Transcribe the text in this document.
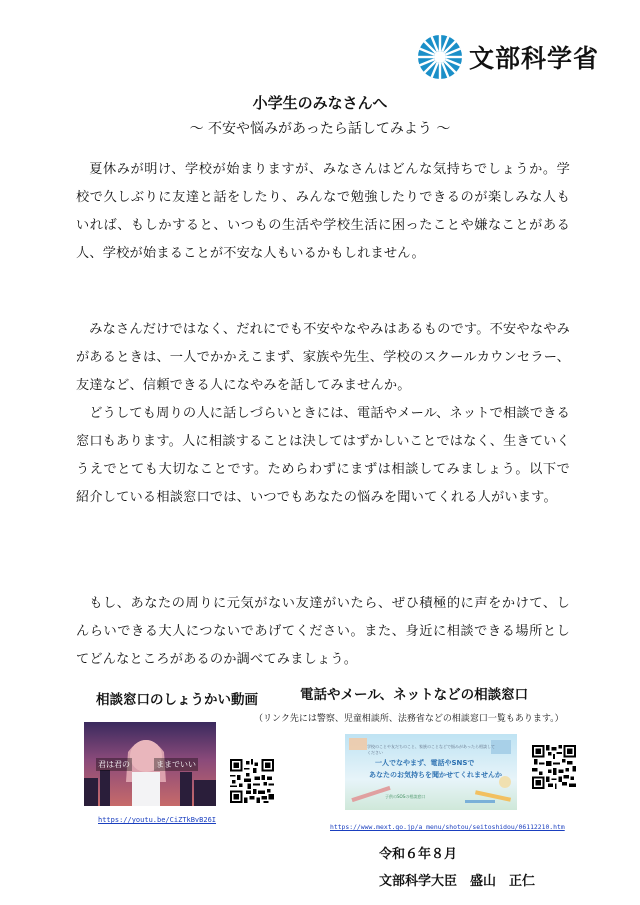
文部科学省
小学生のみなさんへ
～ 不安や悩みがあったら話してみよう ～

夏休みが明け、学校が始まりますが、みなさんはどんな気持ちでしょうか。学校で久しぶりに友達と話をしたり、みんなで勉強したりできるのが楽しみな人もいれば、もしかすると、いつもの生活や学校生活に困ったことや嫌なことがある人、学校が始まることが不安な人もいるかもしれません。

みなさんだけではなく、だれにでも不安やなやみはあるものです。不安やなやみがあるときは、一人でかかえこまず、家族や先生、学校のスクールカウンセラー、友達など、信頼できる人になやみを話してみませんか。

どうしても周りの人に話しづらいときには、電話やメール、ネットで相談できる窓口もあります。人に相談することは決してはずかしいことではなく、生きていくうえでとても大切なことです。ためらわずにまずは相談してみましょう。以下で紹介している相談窓口では、いつでもあなたの悩みを聞いてくれる人がいます。

もし、あなたの周りに元気がない友達がいたら、ぜひ積極的に声をかけて、しんらいできる大人につないであげてください。また、身近に相談できる場所としてどんなところがあるのか調べてみましょう。

相談窓口のしょうかい動画
君は君の	ままでいい
https://youtu.be/CiZTkBvB26I
電話やメール、ネットなどの相談窓口
（リンク先には警察、児童相談所、法務省などの相談窓口一覧もあります。）
学校のことや友だちのこと、家族のことなどで悩みがあったら相談してください
一人でなやまず、電話やSNSで
あなたのお気持ちを聞かせてくれませんか
子供のSOSの相談窓口
https://www.mext.go.jp/a_menu/shotou/seitoshidou/06112210.htm
令和６年８月
文部科学大臣　盛山　正仁
